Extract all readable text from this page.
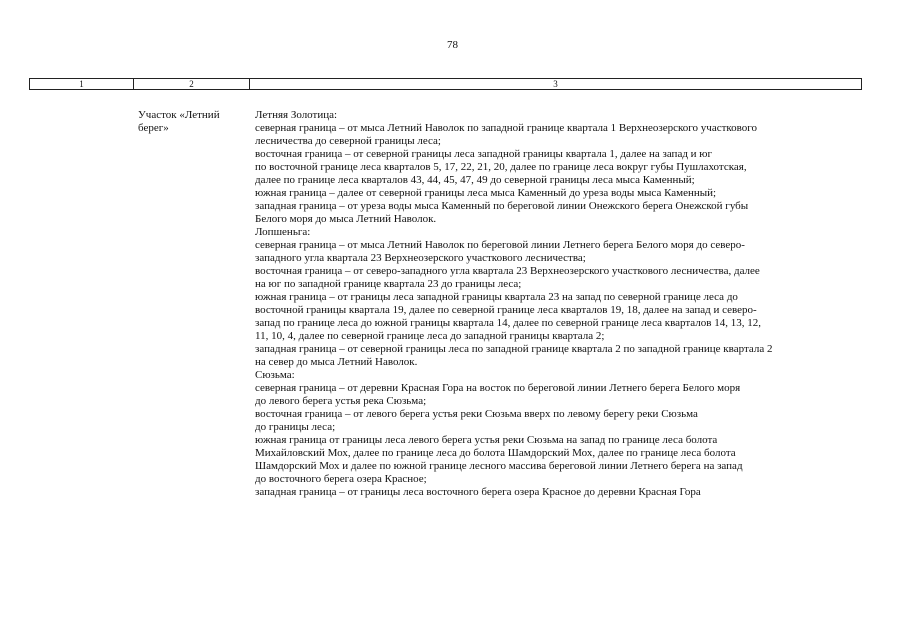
78
1	2	3
Участок «Летний
берег»
Летняя Золотица:
северная граница – от мыса Летний Наволок по западной границе квартала 1 Верхнеозерского участкового
лесничества до северной границы леса;
восточная граница – от северной границы леса западной границы квартала 1, далее на запад и юг
по восточной границе леса кварталов 5, 17, 22, 21, 20, далее по границе леса вокруг губы Пушлахотская,
далее по границе леса кварталов 43, 44, 45, 47, 49 до северной границы леса мыса Каменный;
южная граница – далее от северной границы леса мыса Каменный до уреза воды мыса Каменный;
западная граница – от уреза воды мыса Каменный по береговой линии Онежского берега Онежской губы
Белого моря до мыса Летний Наволок.
Лопшеньга:
северная граница – от мыса Летний Наволок по береговой линии Летнего берега Белого моря до северо-
западного угла квартала 23 Верхнеозерского участкового лесничества;
восточная граница – от северо-западного угла квартала 23 Верхнеозерского участкового лесничества, далее
на юг по западной границе квартала 23 до границы леса;
южная граница – от границы леса западной границы квартала 23 на запад по северной границе леса до
восточной границы квартала 19, далее по северной границе леса кварталов 19, 18, далее на запад и северо-
запад по границе леса до южной границы квартала 14, далее по северной границе леса кварталов 14, 13, 12,
11, 10, 4, далее по северной границе леса до западной границы квартала 2;
западная граница – от северной границы леса по западной границе квартала 2 по западной границе квартала 2
на север до мыса Летний Наволок.
Сюзьма:
северная граница – от деревни Красная Гора на восток по береговой линии Летнего берега Белого моря
до левого берега устья река Сюзьма;
восточная граница – от левого берега устья реки Сюзьма вверх по левому берегу реки Сюзьма
до границы леса;
южная граница от границы леса левого берега устья реки Сюзьма на запад по границе леса болота
Михайловский Мох, далее по границе леса до болота Шамдорский Мох, далее по границе леса болота
Шамдорский Мох и далее по южной границе лесного массива береговой линии Летнего берега на запад
до восточного берега озера Красное;
западная граница – от границы леса восточного берега озера Красное до деревни Красная Гора
